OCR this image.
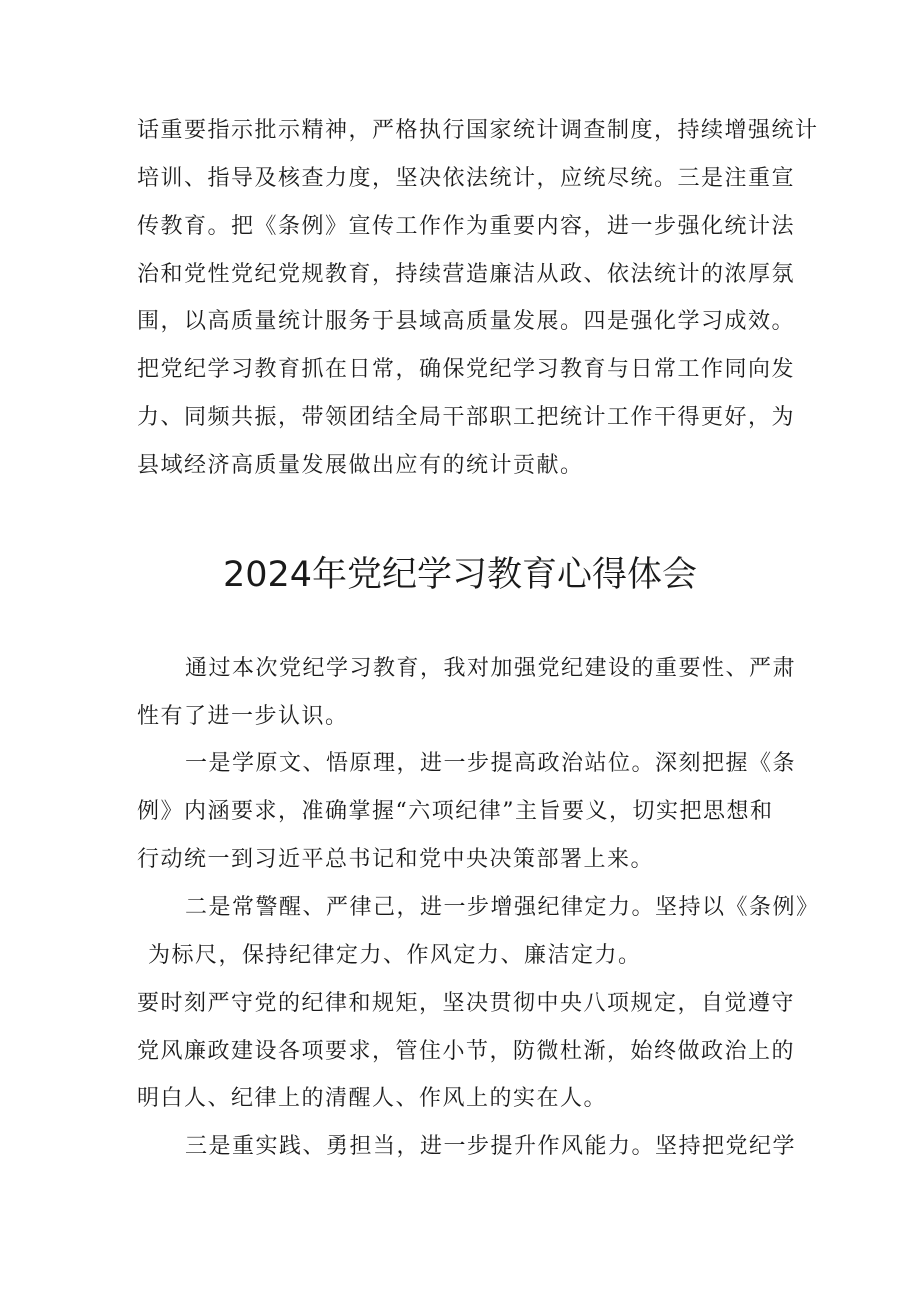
话重要指示批示精神，严格执行国家统计调查制度，持续增强统计
培训、指导及核查力度，坚决依法统计，应统尽统。三是注重宣
传教育。把《条例》宣传工作作为重要内容，进一步强化统计法
治和党性党纪党规教育，持续营造廉洁从政、依法统计的浓厚氛
围，以高质量统计服务于县域高质量发展。四是强化学习成效。
把党纪学习教育抓在日常，确保党纪学习教育与日常工作同向发
力、同频共振，带领团结全局干部职工把统计工作干得更好，为
县域经济高质量发展做出应有的统计贡献。
2024年党纪学习教育心得体会
通过本次党纪学习教育，我对加强党纪建设的重要性、严肃
性有了进一步认识。
一是学原文、悟原理，进一步提高政治站位。深刻把握《条
例》内涵要求，准确掌握“六项纪律”主旨要义，切实把思想和
行动统一到习近平总书记和党中央决策部署上来。
二是常警醒、严律己，进一步增强纪律定力。坚持以《条例》
为标尺，保持纪律定力、作风定力、廉洁定力。
要时刻严守党的纪律和规矩，坚决贯彻中央八项规定，自觉遵守
党风廉政建设各项要求，管住小节，防微杜渐，始终做政治上的
明白人、纪律上的清醒人、作风上的实在人。
三是重实践、勇担当，进一步提升作风能力。坚持把党纪学
